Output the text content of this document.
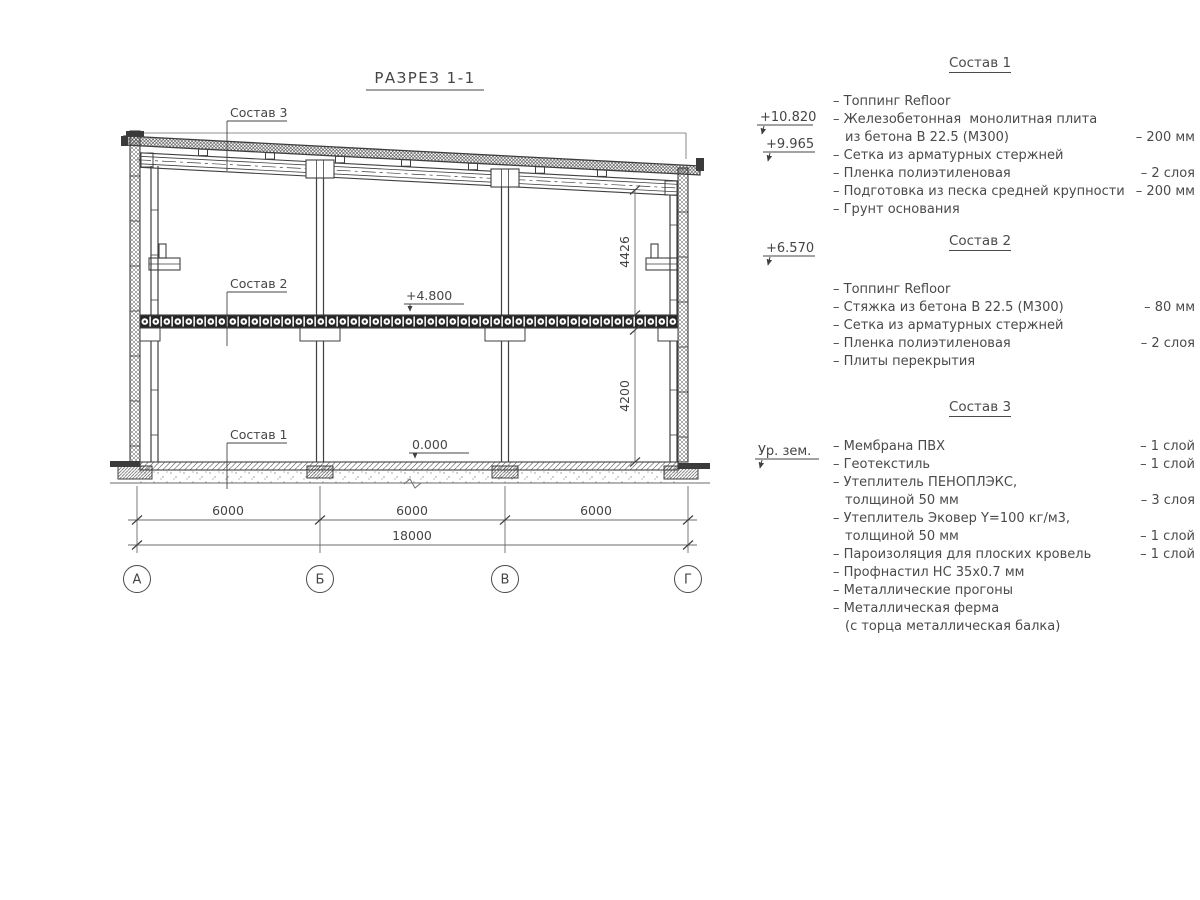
РАЗРЕЗ 1-1
4426
4200
+4.800
0.000
Состав 3
Состав 2
Состав 1
6000	6000	6000
18000
А	Б	В	Г
+10.820
+9.965
+6.570
Ур. зем.
Состав 1
– Топпинг Refloor
– Железобетонная  монолитная плита
из бетона В 22.5 (М300)	– 200 мм
– Сетка из арматурных стержней
– Пленка полиэтиленовая	– 2 слоя
– Подготовка из песка средней крупности – 200 мм
– Грунт основания
Состав 2
– Топпинг Refloor
– Стяжка из бетона В 22.5 (М300)	– 80 мм
– Сетка из арматурных стержней
– Пленка полиэтиленовая	– 2 слоя
– Плиты перекрытия
Состав 3
– Мембрана ПВХ	– 1 слой
– Геотекстиль	– 1 слой
– Утеплитель ПЕНОПЛЭКС,
толщиной 50 мм	– 3 слоя
– Утеплитель Эковер Y=100 кг/м3,
толщиной 50 мм	– 1 слой
– Пароизоляция для плоских кровель	– 1 слой
– Профнастил НС 35х0.7 мм
– Металлические прогоны
– Металлическая ферма
(с торца металлическая балка)
